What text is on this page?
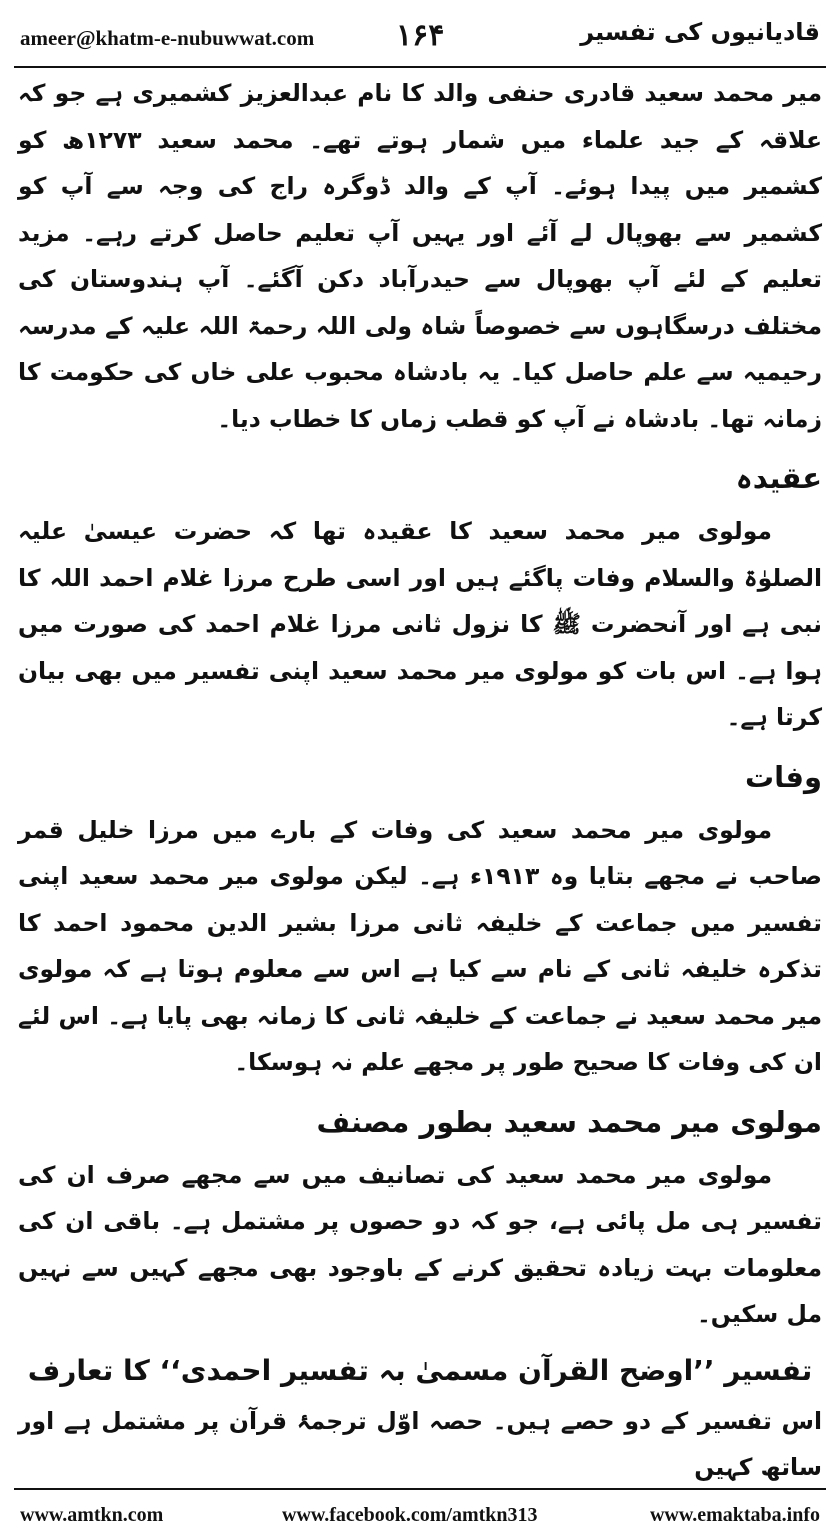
ameer@khatm-e-nubuwwat.com	۱۶۴	قادیانیوں کی تفسیر

میر محمد سعید قادری حنفی والد کا نام عبدالعزیز کشمیری ہے جو کہ علاقہ کے جید علماء میں شمار ہوتے تھے۔ محمد سعید ۱۲۷۳ھ کو کشمیر میں پیدا ہوئے۔ آپ کے والد ڈوگرہ راج کی وجہ سے آپ کو کشمیر سے بھوپال لے آئے اور یہیں آپ تعلیم حاصل کرتے رہے۔ مزید تعلیم کے لئے آپ بھوپال سے حیدرآباد دکن آگئے۔ آپ ہندوستان کی مختلف درسگاہوں سے خصوصاً شاہ ولی اللہ رحمۃ اللہ علیہ کے مدرسہ رحیمیہ سے علم حاصل کیا۔ یہ بادشاہ محبوب علی خاں کی حکومت کا زمانہ تھا۔ بادشاہ نے آپ کو قطب زماں کا خطاب دیا۔

عقیدہ

مولوی میر محمد سعید کا عقیدہ تھا کہ حضرت عیسیٰ علیہ الصلوٰۃ والسلام وفات پاگئے ہیں اور اسی طرح مرزا غلام احمد اللہ کا نبی ہے اور آنحضرت ﷺ کا نزول ثانی مرزا غلام احمد کی صورت میں ہوا ہے۔ اس بات کو مولوی میر محمد سعید اپنی تفسیر میں بھی بیان کرتا ہے۔

وفات

مولوی میر محمد سعید کی وفات کے بارے میں مرزا خلیل قمر صاحب نے مجھے بتایا وہ ۱۹۱۳ء ہے۔ لیکن مولوی میر محمد سعید اپنی تفسیر میں جماعت کے خلیفہ ثانی مرزا بشیر الدین محمود احمد کا تذکرہ خلیفہ ثانی کے نام سے کیا ہے اس سے معلوم ہوتا ہے کہ مولوی میر محمد سعید نے جماعت کے خلیفہ ثانی کا زمانہ بھی پایا ہے۔ اس لئے ان کی وفات کا صحیح طور پر مجھے علم نہ ہوسکا۔

مولوی میر محمد سعید بطور مصنف

مولوی میر محمد سعید کی تصانیف میں سے مجھے صرف ان کی تفسیر ہی مل پائی ہے، جو کہ دو حصوں پر مشتمل ہے۔ باقی ان کی معلومات بہت زیادہ تحقیق کرنے کے باوجود بھی مجھے کہیں سے نہیں مل سکیں۔

تفسیر ’’اوضح القرآن مسمیٰ بہ تفسیر احمدی‘‘ کا تعارف

اس تفسیر کے دو حصے ہیں۔ حصہ اوّل ترجمۂ قرآن پر مشتمل ہے اور ساتھ کہیں

www.amtkn.com	www.facebook.com/amtkn313	www.emaktaba.info
